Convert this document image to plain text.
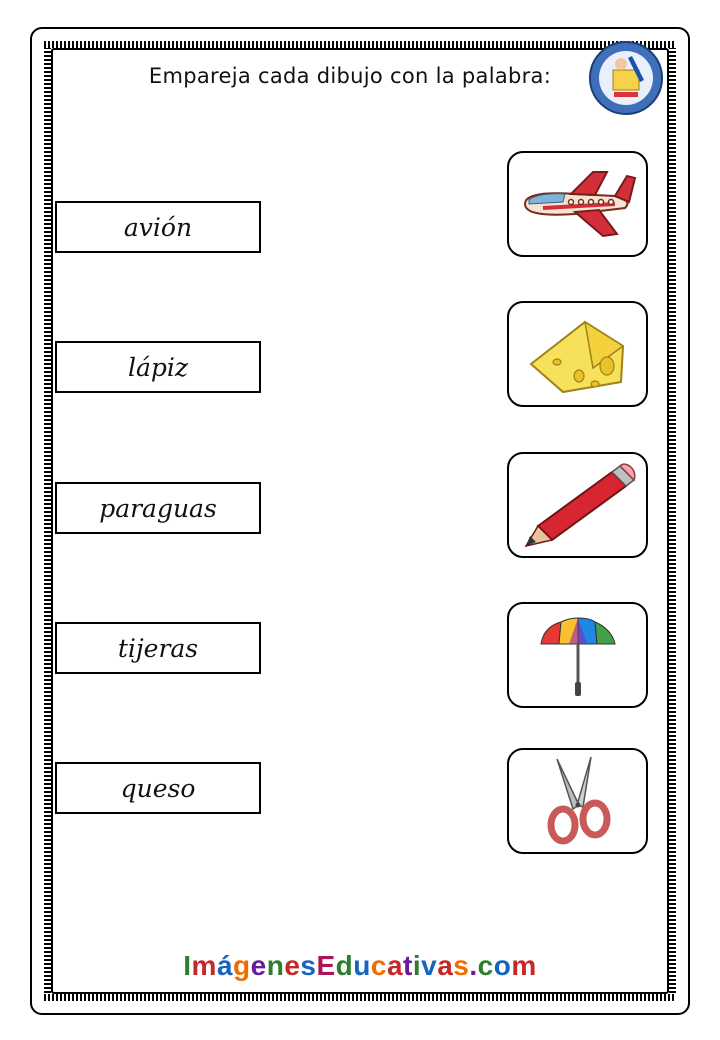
Empareja cada dibujo con la palabra:
avión
lápiz
paraguas
tijeras
queso
ImágenesEducativas.com
